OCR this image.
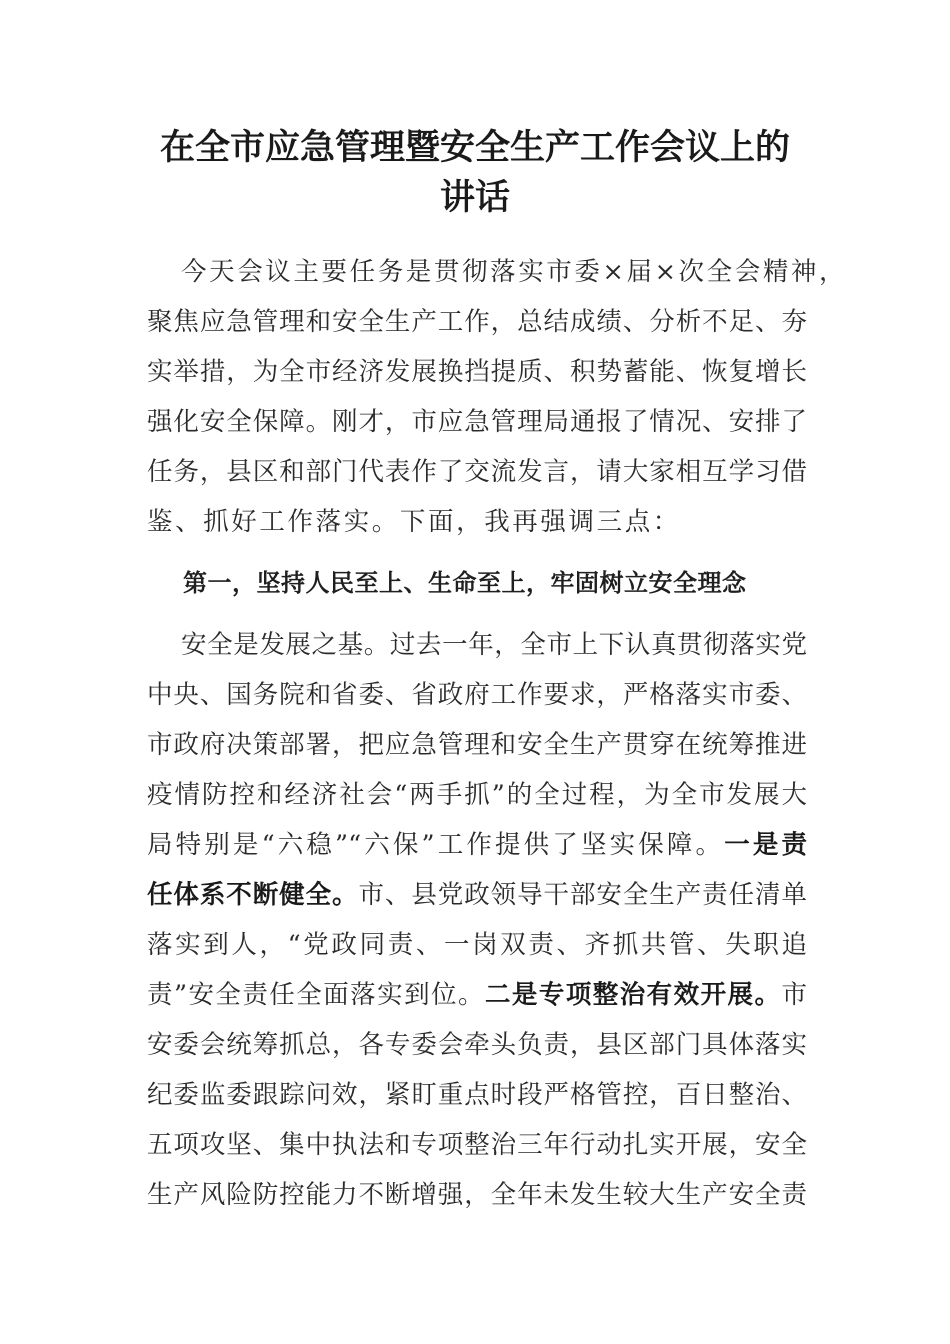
在全市应急管理暨安全生产工作会议上的
讲话
今天会议主要任务是贯彻落实市委×届×次全会精神，
聚焦应急管理和安全生产工作，总结成绩、分析不足、夯
实举措，为全市经济发展换挡提质、积势蓄能、恢复增长
强化安全保障。刚才，市应急管理局通报了情况、安排了
任务，县区和部门代表作了交流发言，请大家相互学习借
鉴、抓好工作落实。下面，我再强调三点：
第一，坚持人民至上、生命至上，牢固树立安全理念
安全是发展之基。过去一年，全市上下认真贯彻落实党
中央、国务院和省委、省政府工作要求，严格落实市委、
市政府决策部署，把应急管理和安全生产贯穿在统筹推进
疫情防控和经济社会“两手抓”的全过程，为全市发展大
局特别是“六稳”“六保”工作提供了坚实保障。一是责
任体系不断健全。市、县党政领导干部安全生产责任清单
落实到人，“党政同责、一岗双责、齐抓共管、失职追
责”安全责任全面落实到位。二是专项整治有效开展。市
安委会统筹抓总，各专委会牵头负责，县区部门具体落实
纪委监委跟踪问效，紧盯重点时段严格管控，百日整治、
五项攻坚、集中执法和专项整治三年行动扎实开展，安全
生产风险防控能力不断增强，全年未发生较大生产安全责
